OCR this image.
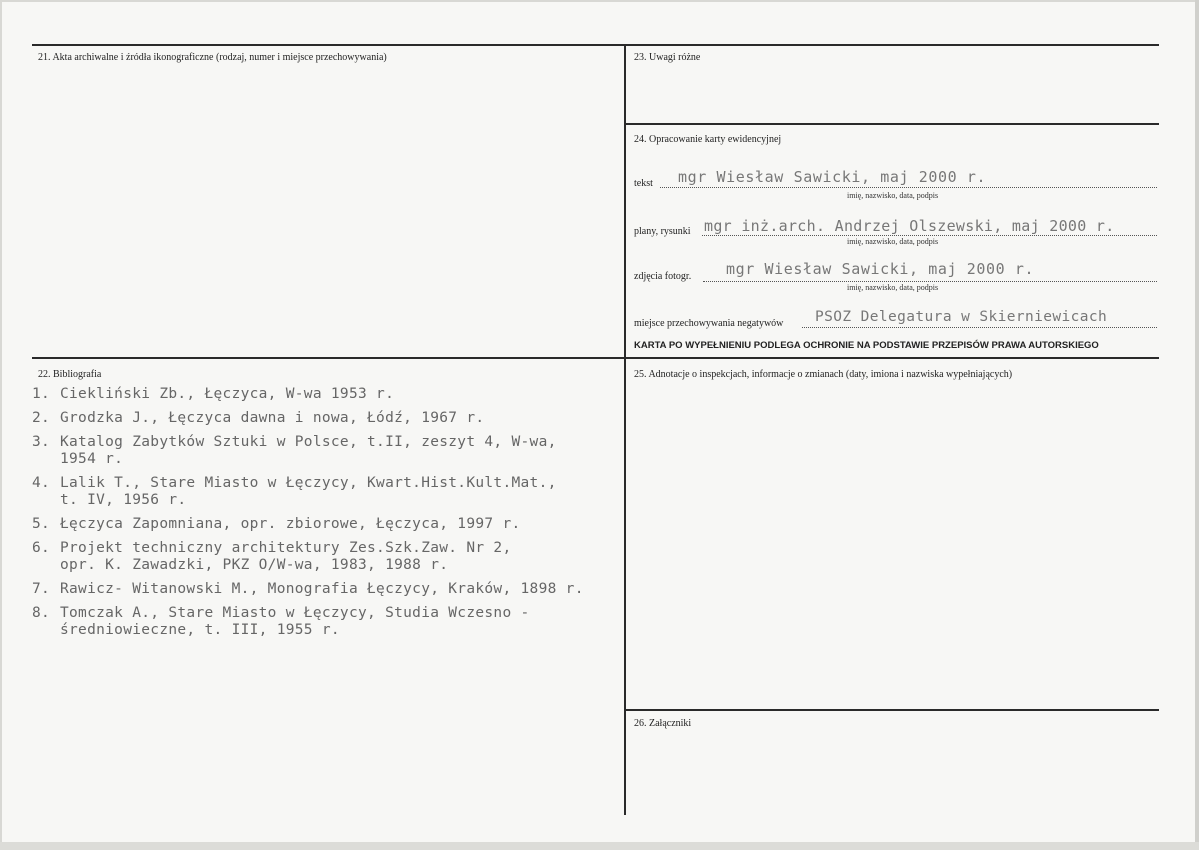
21. Akta archiwalne i źródła ikonograficzne (rodzaj, numer i miejsce przechowywania)	23. Uwagi różne
24. Opracowanie karty ewidencyjnej
tekst mgr Wiesław Sawicki, maj 2000 r.
imię, nazwisko, data, podpis
plany, rysunki mgr inż.arch. Andrzej Olszewski, maj 2000 r.
imię, nazwisko, data, podpis
zdjęcia fotogr. mgr Wiesław Sawicki, maj 2000 r.
imię, nazwisko, data, podpis
miejsce przechowywania negatywów PSOZ Delegatura w Skierniewicach
KARTA PO WYPEŁNIENIU PODLEGA OCHRONIE NA PODSTAWIE PRZEPISÓW PRAWA AUTORSKIEGO
22. Bibliografia
1. Ciekliński Zb., Łęczyca, W-wa 1953 r.
2. Grodzka J., Łęczyca dawna i nowa, Łódź, 1967 r.
3. Katalog Zabytków Sztuki w Polsce, t.II, zeszyt 4, W-wa,
1954 r.
4. Lalik T., Stare Miasto w Łęczycy, Kwart.Hist.Kult.Mat.,
t. IV, 1956 r.
5. Łęczyca Zapomniana, opr. zbiorowe, Łęczyca, 1997 r.
6. Projekt techniczny architektury Zes.Szk.Zaw. Nr 2,
opr. K. Zawadzki, PKZ O/W-wa, 1983, 1988 r.
7. Rawicz- Witanowski M., Monografia Łęczycy, Kraków, 1898 r.
8. Tomczak A., Stare Miasto w Łęczycy, Studia Wczesno -
średniowieczne, t. III, 1955 r.
25. Adnotacje o inspekcjach, informacje o zmianach (daty, imiona i nazwiska wypełniających)
26. Załączniki
